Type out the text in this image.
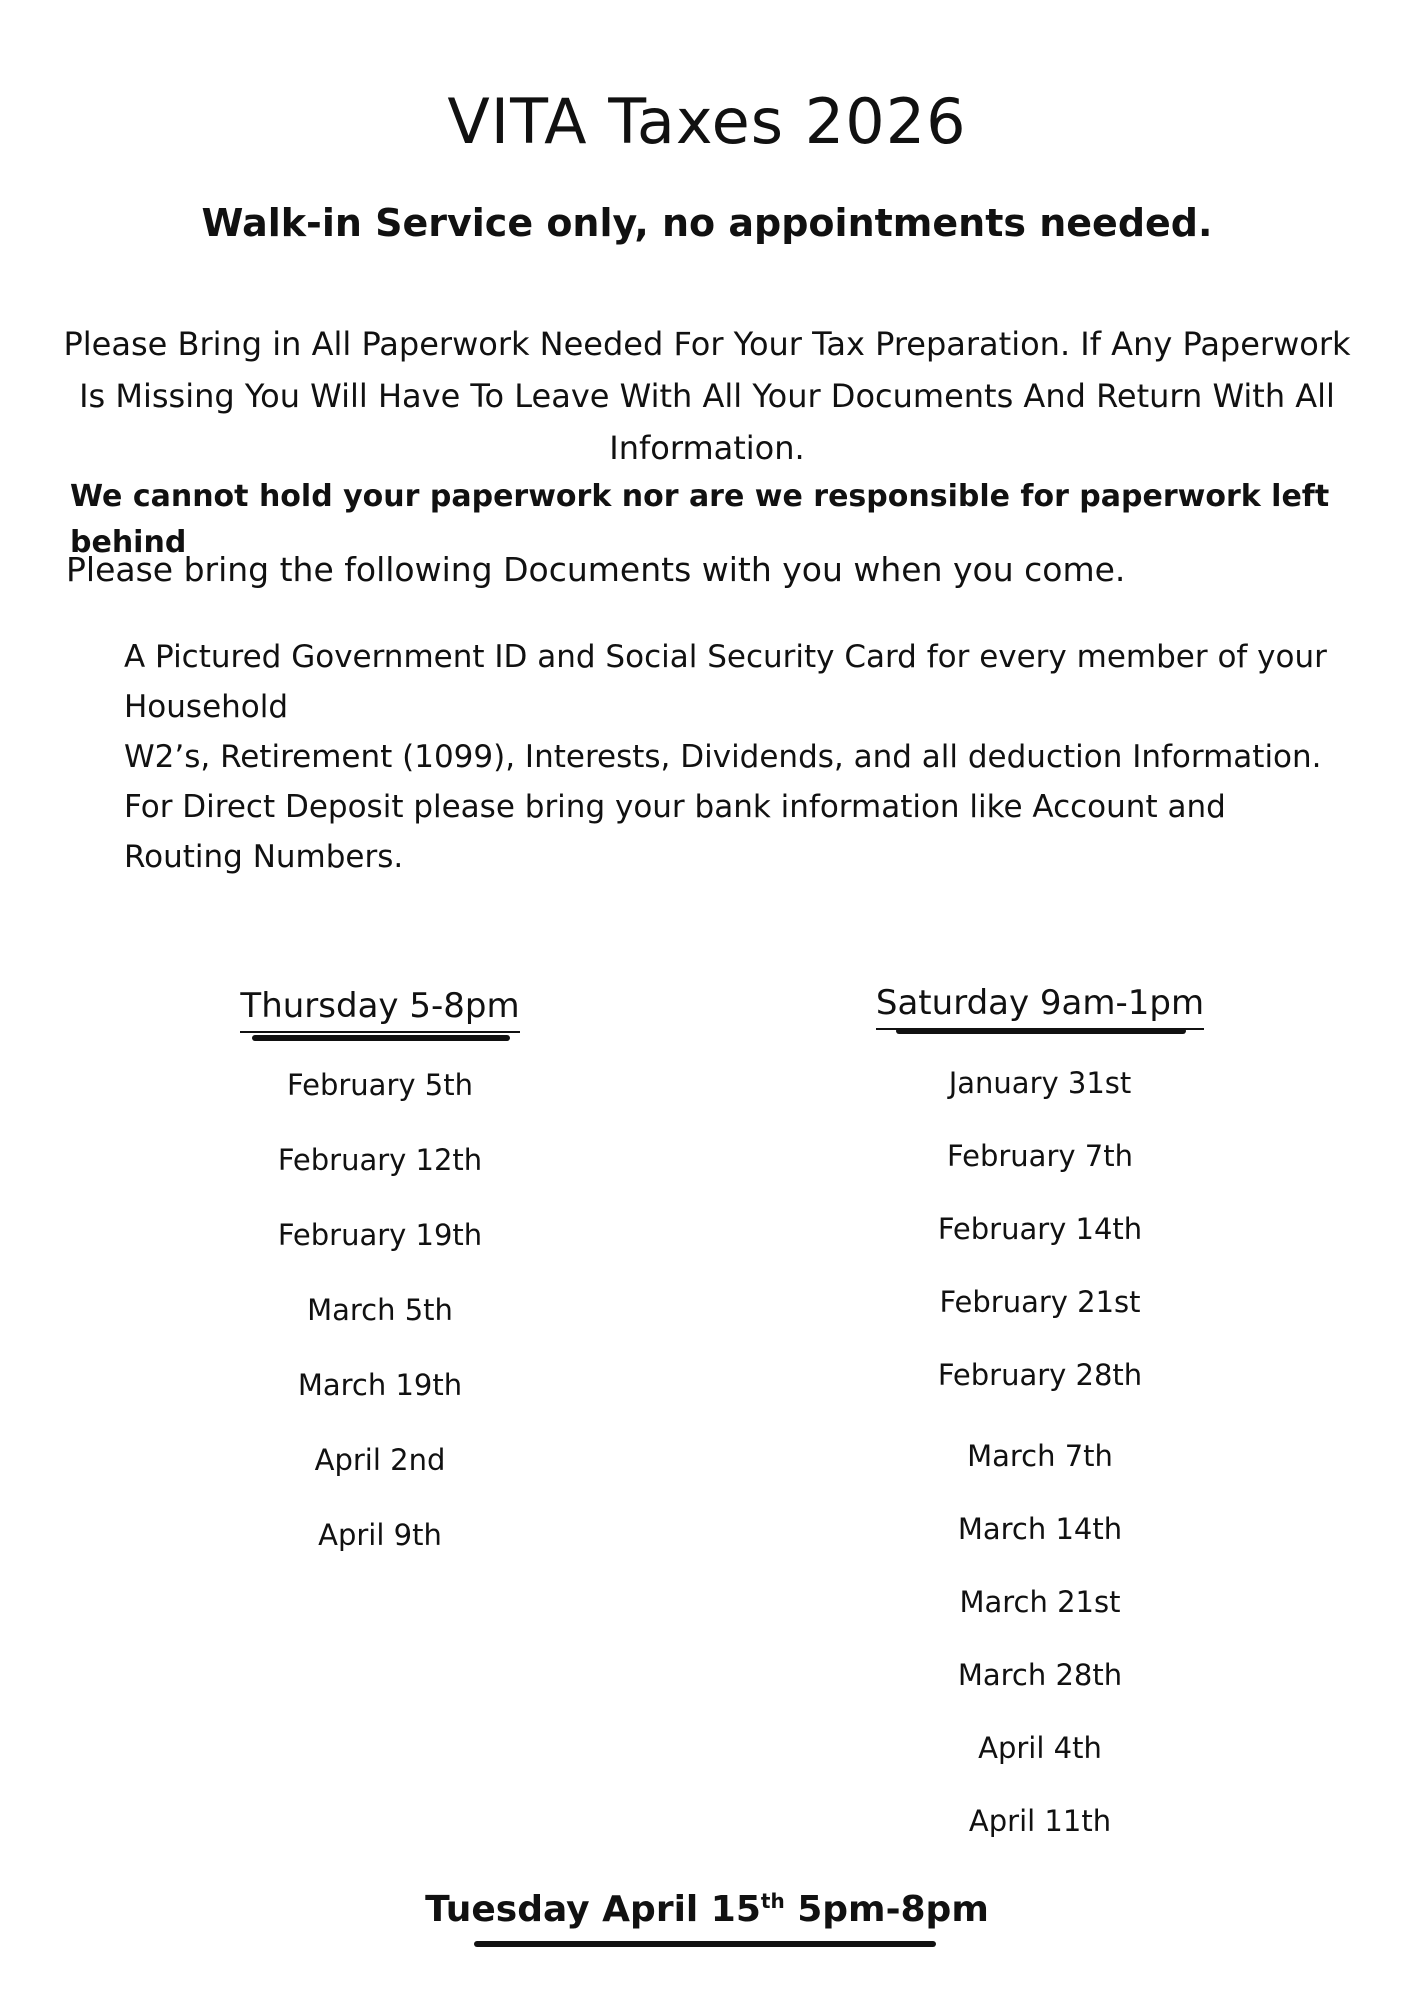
VITA Taxes 2026
Walk-in Service only, no appointments needed.
Please Bring in All Paperwork Needed For Your Tax Preparation. If Any Paperwork Is Missing You Will Have To Leave With All Your Documents And Return With All Information.
We cannot hold your paperwork nor are we responsible for paperwork left behind
Please bring the following Documents with you when you come.
A Pictured Government ID and Social Security Card for every member of your Household
W2’s, Retirement (1099), Interests, Dividends, and all deduction Information.
For Direct Deposit please bring your bank information like Account and Routing Numbers.
Thursday 5-8pm
February 5th
February 12th
February 19th
March 5th
March 19th
April 2nd
April 9th
Saturday 9am-1pm
January 31st
February 7th
February 14th
February 21st
February 28th
March 7th
March 14th
March 21st
March 28th
April 4th
April 11th
Tuesday April 15th 5pm-8pm
